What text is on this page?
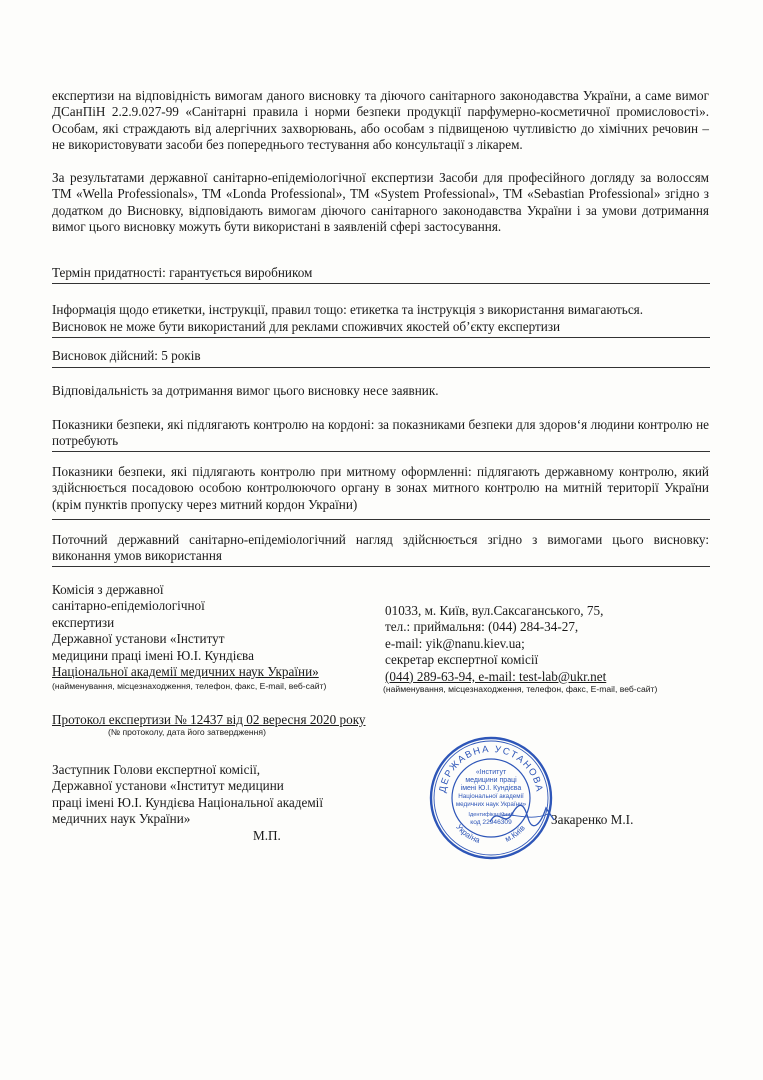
експертизи на відповідність вимогам даного висновку та діючого санітарного законодавства України, а саме вимог ДСанПіН 2.2.9.027-99 «Санітарні правила і норми безпеки продукції парфумерно-косметичної промисловості». Особам, які страждають від алергічних захворювань, або особам з підвищеною чутливістю до хімічних речовин – не використовувати засоби без попереднього тестування або консультації з лікарем.
За результатами державної санітарно-епідеміологічної експертизи Засоби для професійного догляду за волоссям ТМ «Wella Professionals», ТМ «Londa Professional», ТМ «System Professional», ТМ «Sebastian Professional» згідно з додатком до Висновку, відповідають вимогам діючого санітарного законодавства України і за умови дотримання вимог цього висновку можуть бути використані в заявленій сфері застосування.
Термін придатності: гарантується виробником
Інформація щодо етикетки, інструкції, правил тощо: етикетка та інструкція з використання вимагаються.
Висновок не може бути використаний для реклами споживчих якостей об’єкту експертизи
Висновок дійсний: 5 років
Відповідальність за дотримання вимог цього висновку несе заявник.
Показники безпеки, які підлягають контролю на кордоні: за показниками безпеки для здоров‘я людини контролю не потребують
Показники безпеки, які підлягають контролю при митному оформленні: підлягають державному контролю, який здійснюється посадовою особою контролюючого органу в зонах митного контролю на митній території України (крім пунктів пропуску через митний кордон України)
Поточний державний санітарно-епідеміологічний нагляд здійснюється згідно з вимогами цього висновку: виконання умов використання
Комісія з державної
санітарно-епідеміологічної
експертизи
Державної установи «Інститут
медицини праці імені Ю.І. Кундієва
Національної академії медичних наук України»
(найменування, місцезнаходження, телефон, факс, E-mail, веб-сайт)
01033, м. Київ, вул.Саксаганського, 75,
тел.: приймальня: (044) 284-34-27,
e-mail: yik@nanu.kiev.ua;
секретар експертної комісії
(044) 289-63-94, e-mail: test-lab@ukr.net
(найменування, місцезнаходження, телефон, факс, E-mail, веб-сайт)
Протокол експертизи № 12437 від 02 вересня 2020 року
(№ протоколу, дата його затвердження)
Заступник Голови експертної комісії,
Державної установи «Інститут медицини
праці імені Ю.І. Кундієва Національної академії
медичних наук України»
М.П.
Закаренко М.І.
ДЕРЖАВНА УСТАНОВА
Україна	м.Київ
«Інститут
медицини праці
імені Ю.І. Кундієва
Національної академії
медичних наук України»
Ідентифікаційний
код 22946309
